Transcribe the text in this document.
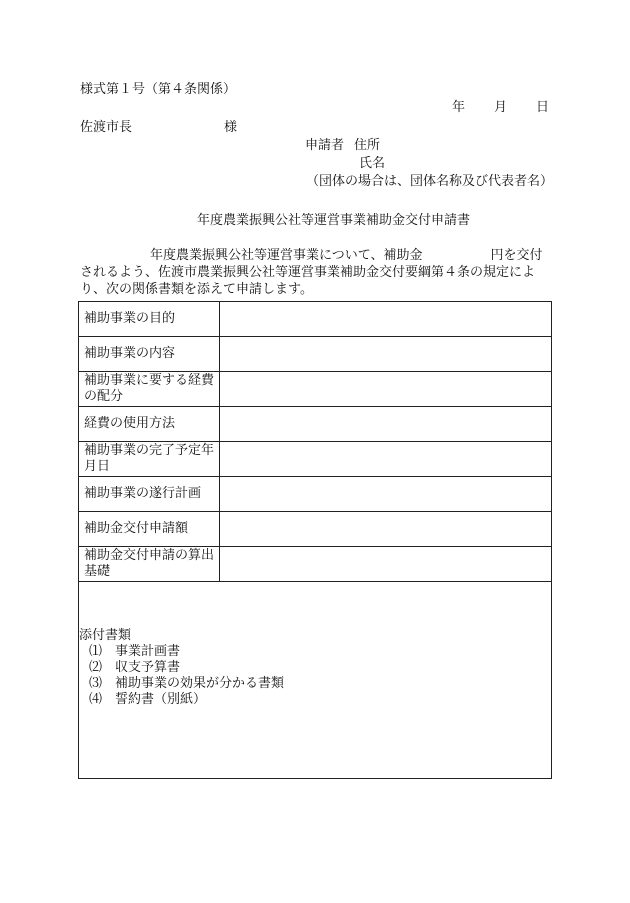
様式第１号（第４条関係）
年 月 日
佐渡市長	様
申請者 住所
氏名
（団体の場合は、団体名称及び代表者名）
年度農業振興公社等運営事業補助金交付申請書

年度農業振興公社等運営事業について、補助金	円を交付

されるよう、佐渡市農業振興公社等運営事業補助金交付要綱第４条の規定によ

り、次の関係書類を添えて申請します。

補助事業の目的	
補助事業の内容	
補助事業に要する経費の配分	
経費の使用方法	
補助事業の完了予定年月日	
補助事業の遂行計画	
補助金交付申請額	
補助金交付申請の算出基礎	

添付書類
⑴ 事業計画書
⑵ 収支予算書
⑶ 補助事業の効果が分かる書類
⑷ 誓約書（別紙）	
